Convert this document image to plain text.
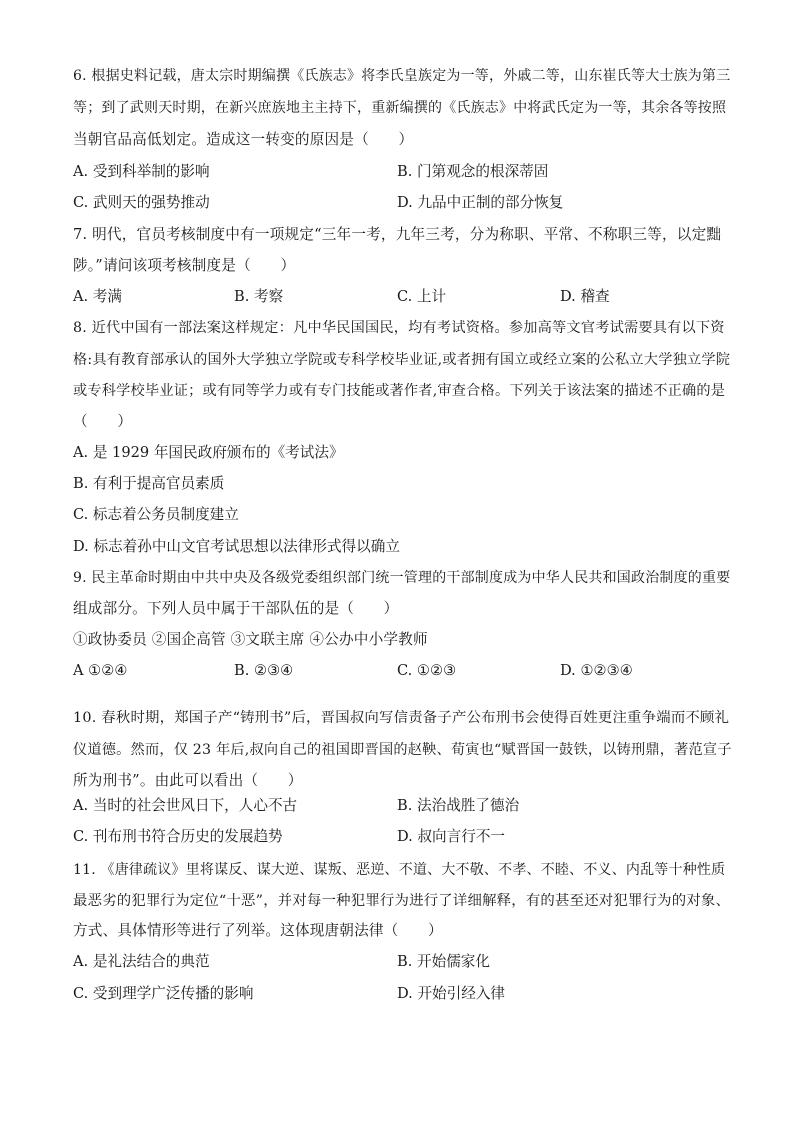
6. 根据史料记载，唐太宗时期编撰《氏族志》将李氏皇族定为一等，外戚二等，山东崔氏等大士族为第三
等；到了武则天时期，在新兴庶族地主主持下，重新编撰的《氏族志》中将武氏定为一等，其余各等按照
当朝官品高低划定。造成这一转变的原因是（　　）
A. 受到科举制的影响	B. 门第观念的根深蒂固
C. 武则天的强势推动	D. 九品中正制的部分恢复
7. 明代，官员考核制度中有一项规定“三年一考，九年三考，分为称职、平常、不称职三等，以定黜
陟。”请问该项考核制度是（　　）
A. 考满	B. 考察	C. 上计	D. 稽查
8. 近代中国有一部法案这样规定：凡中华民国国民，均有考试资格。参加高等文官考试需要具有以下资
格:具有教育部承认的国外大学独立学院或专科学校毕业证,或者拥有国立或经立案的公私立大学独立学院
或专科学校毕业证；或有同等学力或有专门技能或著作者,审查合格。下列关于该法案的描述不正确的是
（　　）
A. 是 1929 年国民政府颁布的《考试法》
B. 有利于提高官员素质
C. 标志着公务员制度建立
D. 标志着孙中山文官考试思想以法律形式得以确立
9. 民主革命时期由中共中央及各级党委组织部门统一管理的干部制度成为中华人民共和国政治制度的重要
组成部分。下列人员中属于干部队伍的是（　　）
①政协委员 ②国企高管 ③文联主席 ④公办中小学教师
A ①②④	B. ②③④	C. ①②③	D. ①②③④
10. 春秋时期，郑国子产“铸刑书”后，晋国叔向写信责备子产公布刑书会使得百姓更注重争端而不顾礼
仪道德。然而，仅 23 年后,叔向自己的祖国即晋国的赵鞅、荀寅也“赋晋国一鼓铁，以铸刑鼎，著范宣子
所为刑书”。由此可以看出（　　）
A. 当时的社会世风日下，人心不古	B. 法治战胜了德治
C. 刊布刑书符合历史的发展趋势	D. 叔向言行不一
11. 《唐律疏议》里将谋反、谋大逆、谋叛、恶逆、不道、大不敬、不孝、不睦、不义、内乱等十种性质
最恶劣的犯罪行为定位“十恶”，并对每一种犯罪行为进行了详细解释，有的甚至还对犯罪行为的对象、
方式、具体情形等进行了列举。这体现唐朝法律（　　）
A. 是礼法结合的典范	B. 开始儒家化
C. 受到理学广泛传播的影响	D. 开始引经入律
